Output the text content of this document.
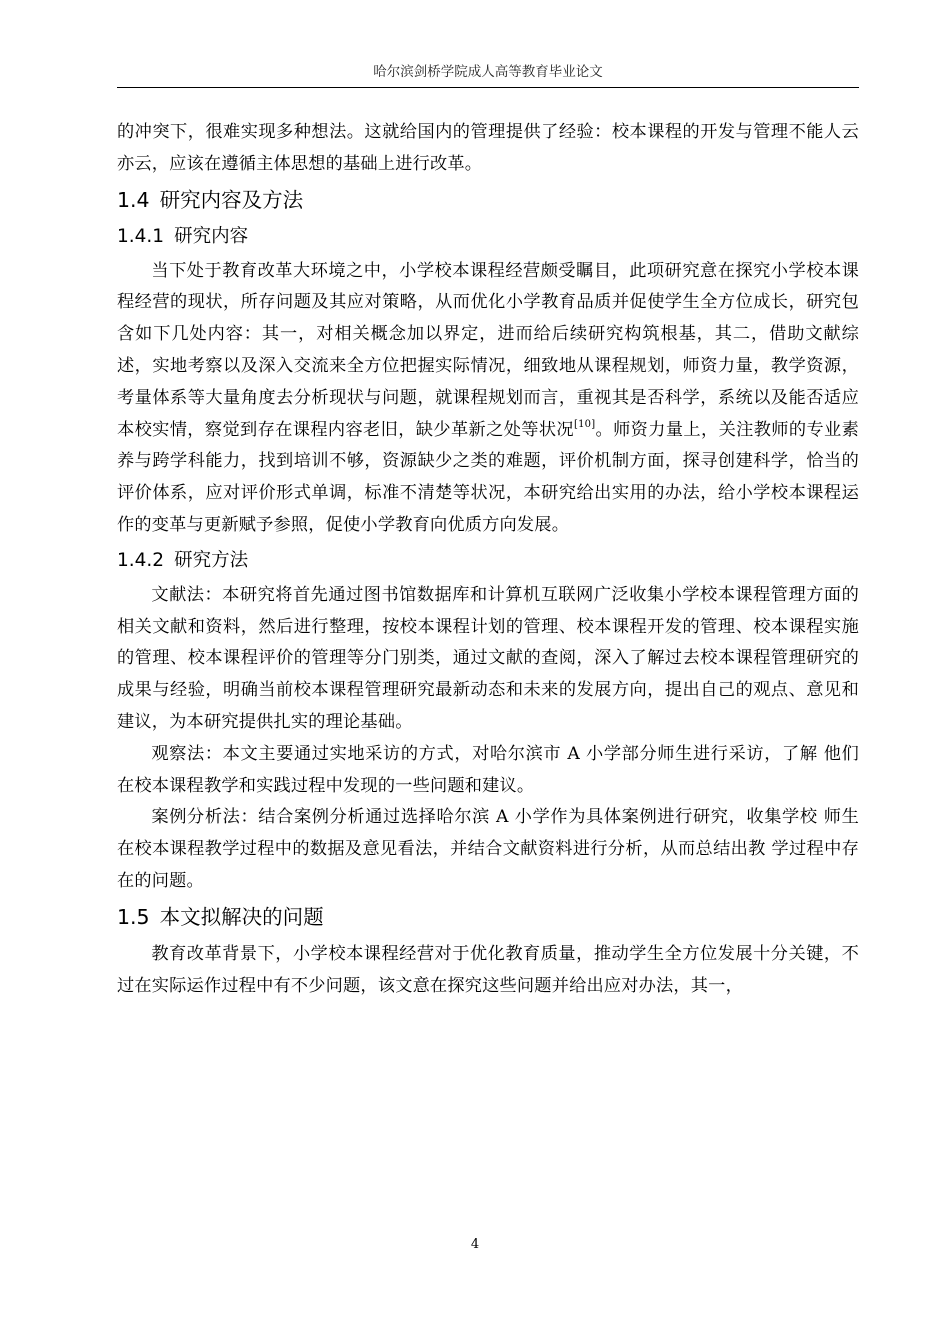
哈尔滨剑桥学院成人高等教育毕业论文

的冲突下，很难实现多种想法。这就给国内的管理提供了经验：校本课程的开发与管理不能人云亦云，应该在遵循主体思想的基础上进行改革。

1.4 研究内容及方法
1.4.1 研究内容

当下处于教育改革大环境之中，小学校本课程经营颇受瞩目，此项研究意在探究小学校本课程经营的现状，所存问题及其应对策略，从而优化小学教育品质并促使学生全方位成长，研究包含如下几处内容：其一，对相关概念加以界定，进而给后续研究构筑根基，其二，借助文献综述，实地考察以及深入交流来全方位把握实际情况，细致地从课程规划，师资力量，教学资源，考量体系等大量角度去分析现状与问题，就课程规划而言，重视其是否科学，系统以及能否适应本校实情，察觉到存在课程内容老旧，缺少革新之处等状况[10]。师资力量上，关注教师的专业素养与跨学科能力，找到培训不够，资源缺少之类的难题，评价机制方面，探寻创建科学，恰当的评价体系，应对评价形式单调，标准不清楚等状况，本研究给出实用的办法，给小学校本课程运作的变革与更新赋予参照，促使小学教育向优质方向发展。

1.4.2 研究方法

文献法：本研究将首先通过图书馆数据库和计算机互联网广泛收集小学校本课程管理方面的相关文献和资料，然后进行整理，按校本课程计划的管理、校本课程开发的管理、校本课程实施的管理、校本课程评价的管理等分门别类，通过文献的查阅，深入了解过去校本课程管理研究的成果与经验，明确当前校本课程管理研究最新动态和未来的发展方向，提出自己的观点、意见和建议，为本研究提供扎实的理论基础。

观察法：本文主要通过实地采访的方式，对哈尔滨市 A 小学部分师生进行采访，了解 他们在校本课程教学和实践过程中发现的一些问题和建议。

案例分析法：结合案例分析通过选择哈尔滨 A 小学作为具体案例进行研究，收集学校 师生在校本课程教学过程中的数据及意见看法，并结合文献资料进行分析，从而总结出教 学过程中存在的问题。

1.5 本文拟解决的问题

教育改革背景下，小学校本课程经营对于优化教育质量，推动学生全方位发展十分关键，不过在实际运作过程中有不少问题，该文意在探究这些问题并给出应对办法，其一，

4
